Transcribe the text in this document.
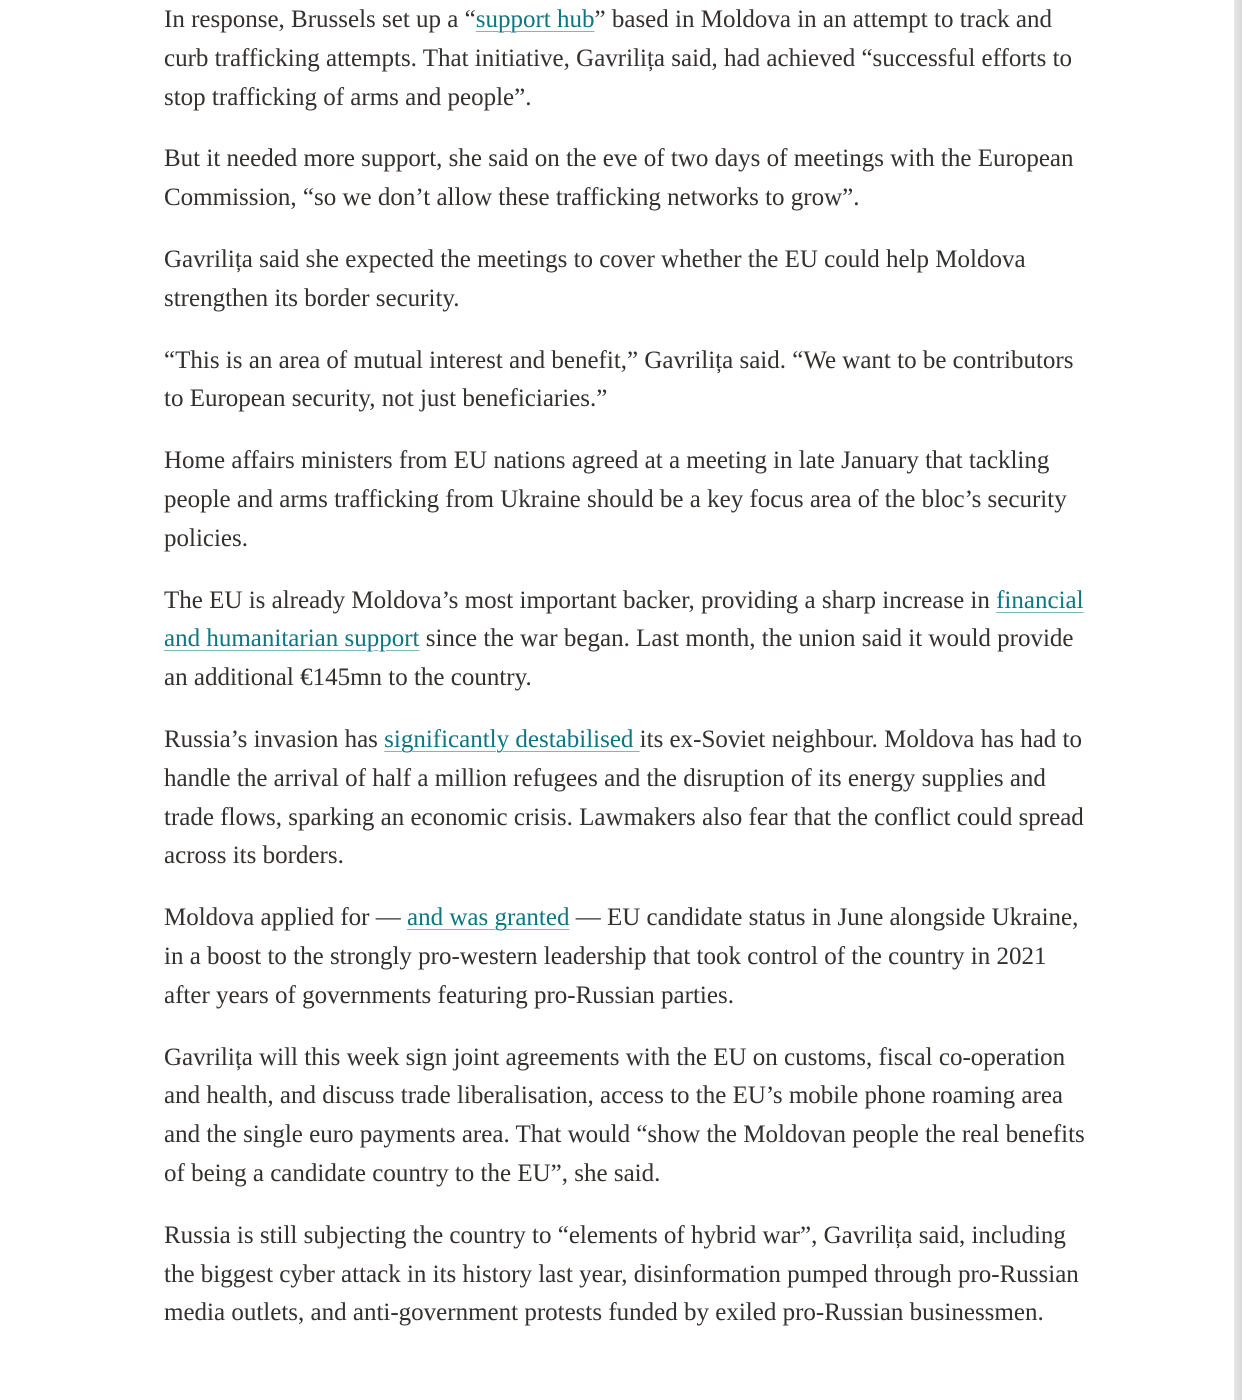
In response, Brussels set up a “support hub” based in Moldova in an attempt to track and curb trafficking attempts. That initiative, Gavrilița said, had achieved “successful efforts to stop trafficking of arms and people”.

But it needed more support, she said on the eve of two days of meetings with the European Commission, “so we don’t allow these trafficking networks to grow”.

Gavrilița said she expected the meetings to cover whether the EU could help Moldova strengthen its border security.

“This is an area of mutual interest and benefit,” Gavrilița said. “We want to be contributors to European security, not just beneficiaries.”

Home affairs ministers from EU nations agreed at a meeting in late January that tackling people and arms trafficking from Ukraine should be a key focus area of the bloc’s security policies.

The EU is already Moldova’s most important backer, providing a sharp increase in financial and humanitarian support since the war began. Last month, the union said it would provide an additional €145mn to the country.

Russia’s invasion has significantly destabilised its ex-Soviet neighbour. Moldova has had to handle the arrival of half a million refugees and the disruption of its energy supplies and trade flows, sparking an economic crisis. Lawmakers also fear that the conflict could spread across its borders.

Moldova applied for — and was granted — EU candidate status in June alongside Ukraine, in a boost to the strongly pro-western leadership that took control of the country in 2021 after years of governments featuring pro-Russian parties.

Gavrilița will this week sign joint agreements with the EU on customs, fiscal co-operation and health, and discuss trade liberalisation, access to the EU’s mobile phone roaming area and the single euro payments area. That would “show the Moldovan people the real benefits of being a candidate country to the EU”, she said.

Russia is still subjecting the country to “elements of hybrid war”, Gavrilița said, including the biggest cyber attack in its history last year, disinformation pumped through pro-Russian media outlets, and anti-government protests funded by exiled pro-Russian businessmen.
